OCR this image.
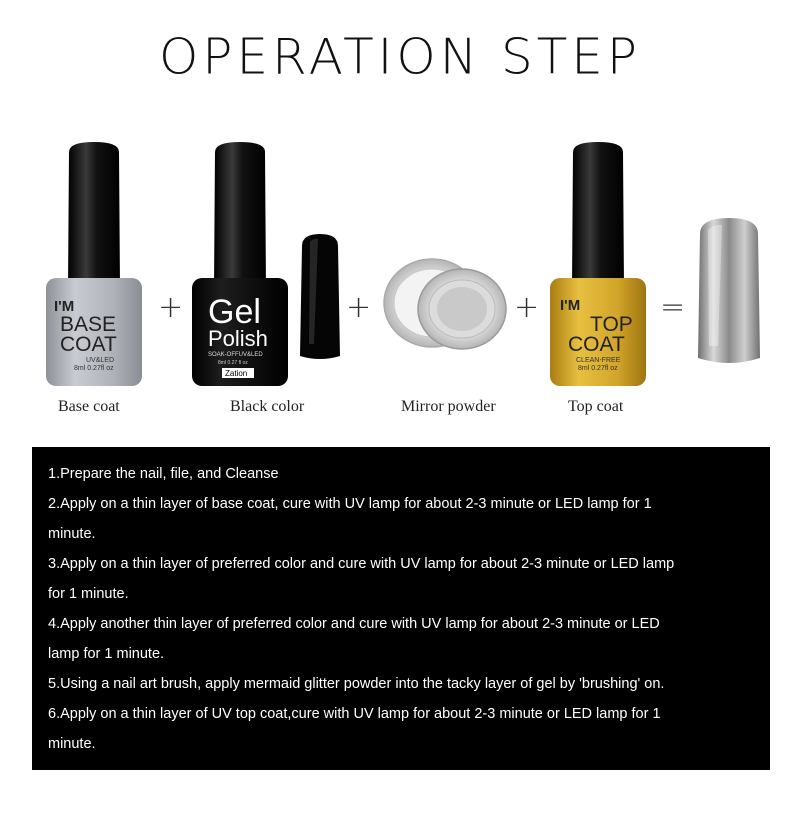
OPERATION STEP
I'M
BASE
COAT
UV&LED
8ml 0.27fl oz
+ Gel
Polish
SOAK-OFFUV&LED
8ml 0.27 fl oz
Zation
+	+ I'M
TOP
COAT
CLEAN-FREE
8ml 0.27fl oz
=
Base coat	Black color	Mirror powder	Top coat
1.Prepare the nail, file, and Cleanse
2.Apply on a thin layer of base coat, cure with UV lamp for about 2-3 minute or LED lamp for 1
minute.
3.Apply on a thin layer of preferred color and cure with UV lamp for about 2-3 minute or LED lamp
for 1 minute.
4.Apply another thin layer of preferred color and cure with UV lamp for about 2-3 minute or LED
lamp for 1 minute.
5.Using a nail art brush, apply mermaid glitter powder into the tacky layer of gel by 'brushing' on.
6.Apply on a thin layer of UV top coat,cure with UV lamp for about 2-3 minute or LED lamp for 1
minute.
